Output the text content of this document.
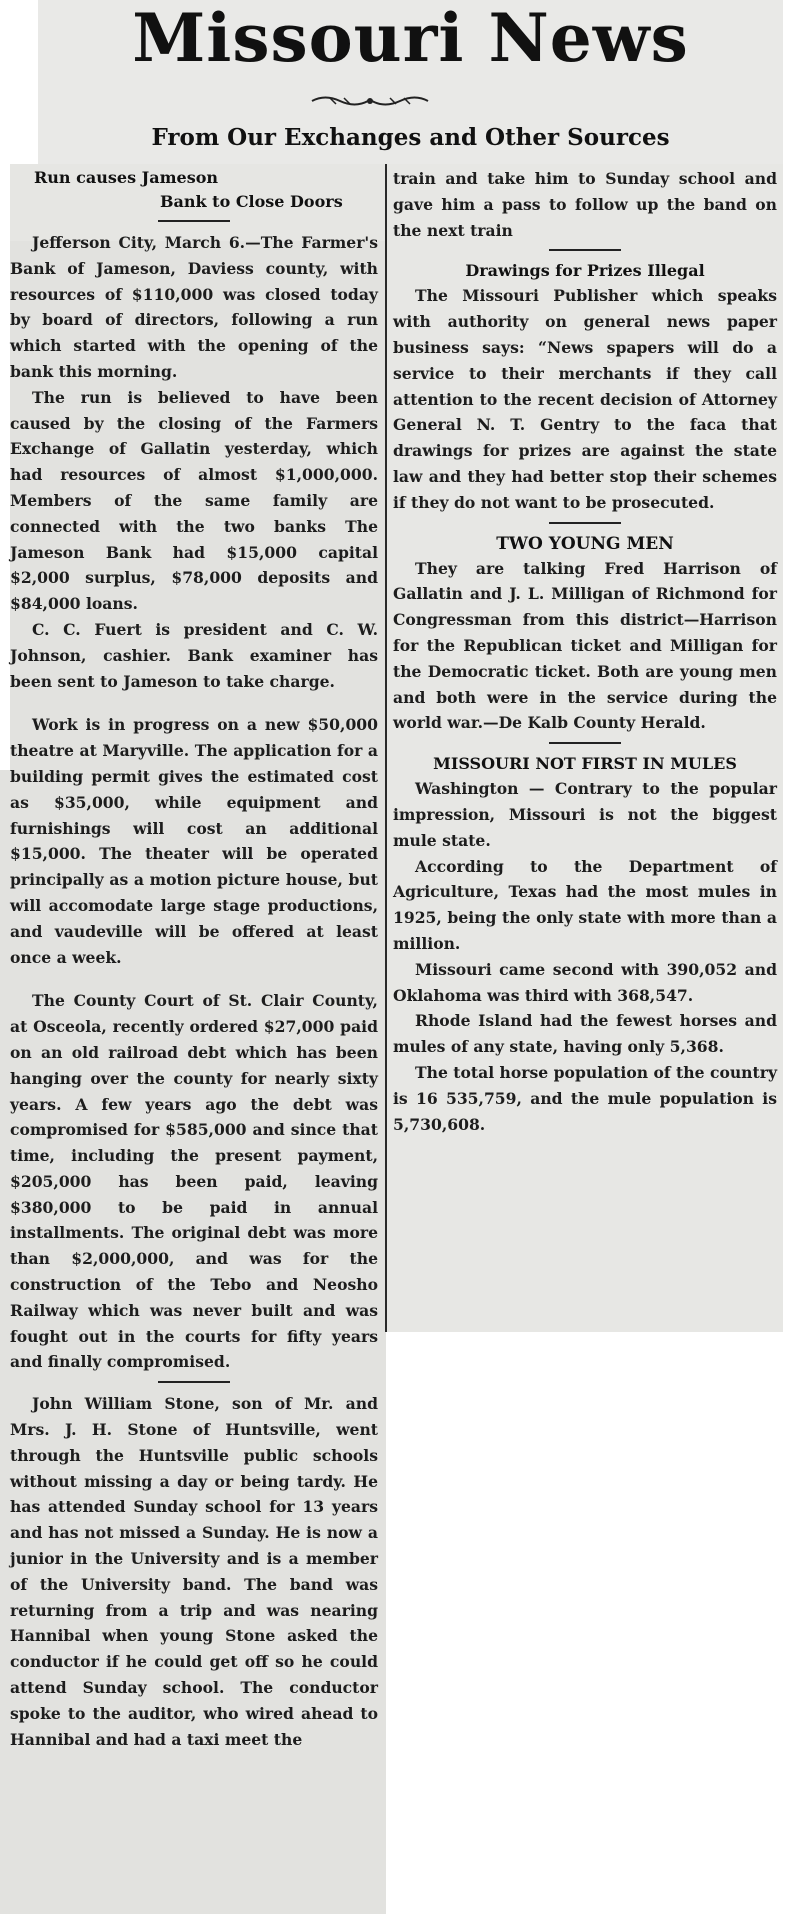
Missouri News
From Our Exchanges and Other Sources
Run causes Jameson
Bank to Close Doors

Jefferson City, March 6.—The Farmer's Bank of Jameson, Daviess county, with resources of $110,000 was closed today by board of directors, following a run which started with the opening of the bank this morning.

The run is believed to have been caused by the closing of the Farmers Exchange of Gallatin yesterday, which had resources of almost $1,000,000. Members of the same family are connected with the two banks The Jameson Bank had $15,000 capital $2,000 surplus, $78,000 deposits and $84,000 loans.

C. C. Fuert is president and C. W. Johnson, cashier. Bank examiner has been sent to Jameson to take charge.

Work is in progress on a new $50,000 theatre at Maryville. The application for a building permit gives the estimated cost as $35,000, while equipment and furnishings will cost an additional $15,000. The theater will be operated principally as a motion picture house, but will accomodate large stage productions, and vaudeville will be offered at least once a week.

The County Court of St. Clair County, at Osceola, recently ordered $27,000 paid on an old railroad debt which has been hanging over the county for nearly sixty years. A few years ago the debt was compromised for $585,000 and since that time, including the present payment, $205,000 has been paid, leaving $380,000 to be paid in annual installments. The original debt was more than $2,000,000, and was for the construction of the Tebo and Neosho Railway which was never built and was fought out in the courts for fifty years and finally compromised.

John William Stone, son of Mr. and Mrs. J. H. Stone of Huntsville, went through the Huntsville public schools without missing a day or being tardy. He has attended Sunday school for 13 years and has not missed a Sunday. He is now a junior in the University and is a member of the University band. The band was returning from a trip and was nearing Hannibal when young Stone asked the conductor if he could get off so he could attend Sunday school. The conductor spoke to the auditor, who wired ahead to Hannibal and had a taxi meet the

train and take him to Sunday school and gave him a pass to follow up the band on the next train

Drawings for Prizes Illegal

The Missouri Publisher which speaks with authority on general news paper business says: “News spapers will do a service to their merchants if they call attention to the recent decision of Attorney General N. T. Gentry to the faca that drawings for prizes are against the state law and they had better stop their schemes if they do not want to be prosecuted.

TWO YOUNG MEN

They are talking Fred Harrison of Gallatin and J. L. Milligan of Richmond for Congressman from this district—Harrison for the Republican ticket and Milligan for the Democratic ticket. Both are young men and both were in the service during the world war.—De Kalb County Herald.

MISSOURI NOT FIRST IN MULES

Washington — Contrary to the popular impression, Missouri is not the biggest mule state.

According to the Department of Agriculture, Texas had the most mules in 1925, being the only state with more than a million.

Missouri came second with 390,052 and Oklahoma was third with 368,547.

Rhode Island had the fewest horses and mules of any state, having only 5,368.

The total horse population of the country is 16 535,759, and the mule population is 5,730,608.
